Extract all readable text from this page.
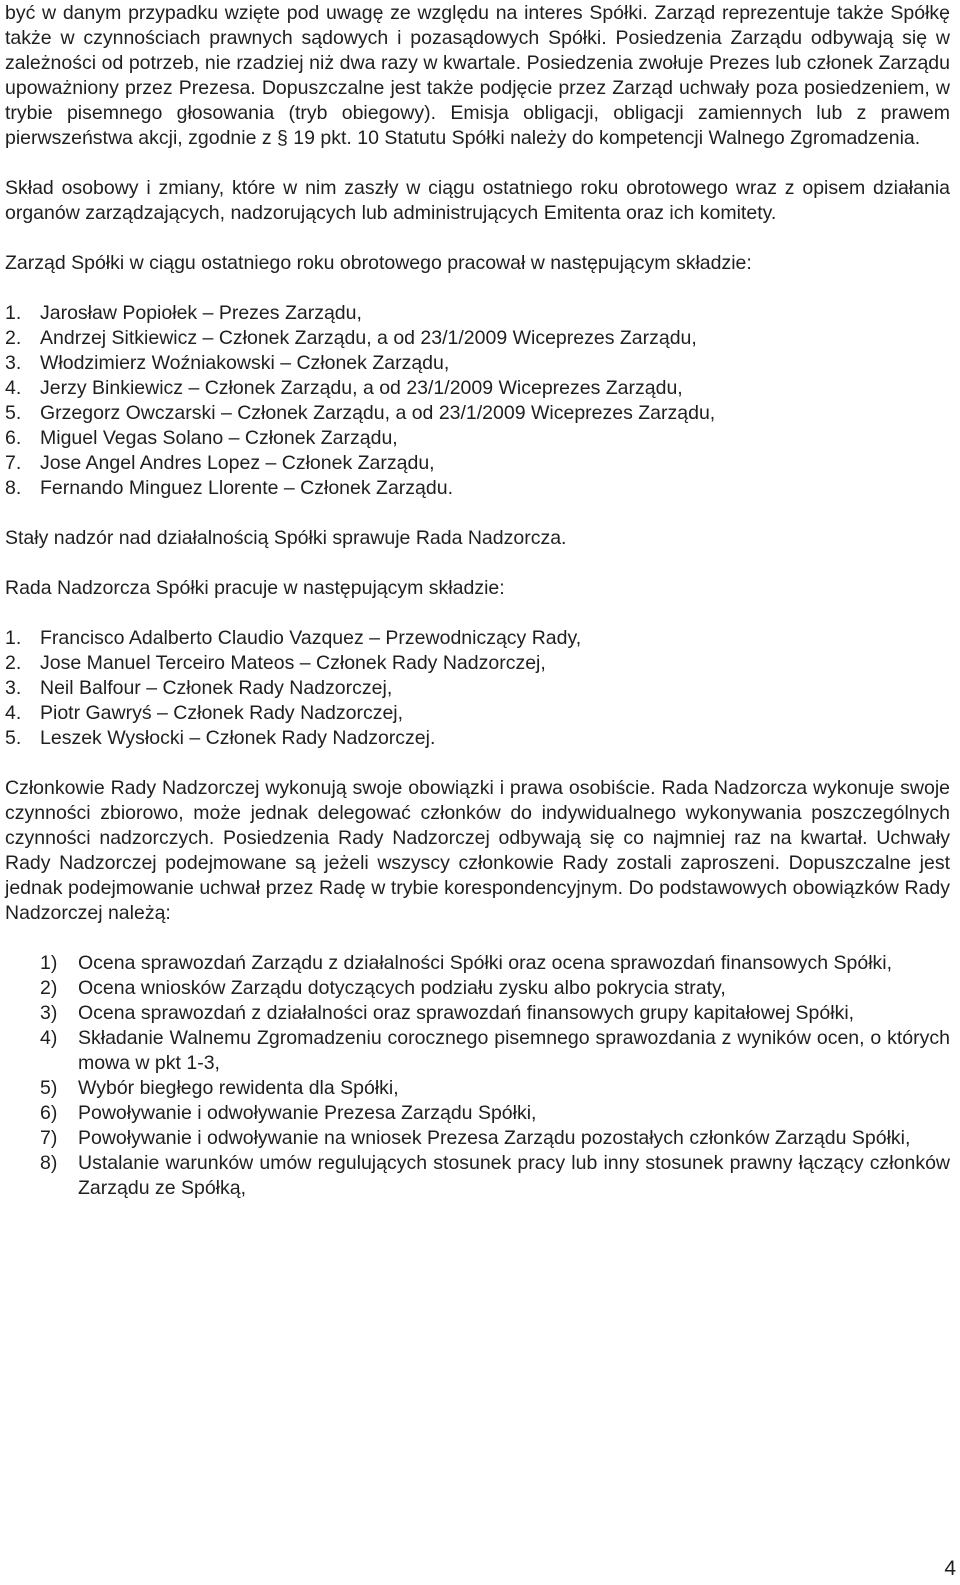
być w danym przypadku wzięte pod uwagę ze względu na interes Spółki. Zarząd reprezentuje także Spółkę także w czynnościach prawnych sądowych i pozasądowych Spółki. Posiedzenia Zarządu odbywają się w zależności od potrzeb, nie rzadziej niż dwa razy w kwartale. Posiedzenia zwołuje Prezes lub członek Zarządu upoważniony przez Prezesa. Dopuszczalne jest także podjęcie przez Zarząd uchwały poza posiedzeniem, w trybie pisemnego głosowania (tryb obiegowy). Emisja obligacji, obligacji zamiennych lub z prawem pierwszeństwa akcji, zgodnie z § 19 pkt. 10 Statutu Spółki należy do kompetencji Walnego Zgromadzenia.

Skład osobowy i zmiany, które w nim zaszły w ciągu ostatniego roku obrotowego wraz z opisem działania organów zarządzających, nadzorujących lub administrujących Emitenta oraz ich komitety.

Zarząd Spółki w ciągu ostatniego roku obrotowego pracował w następującym składzie:

1. Jarosław Popiołek – Prezes Zarządu,
2. Andrzej Sitkiewicz – Członek Zarządu, a od 23/1/2009 Wiceprezes Zarządu,
3. Włodzimierz Woźniakowski – Członek Zarządu,
4. Jerzy Binkiewicz – Członek Zarządu, a od 23/1/2009 Wiceprezes Zarządu,
5. Grzegorz Owczarski – Członek Zarządu, a od 23/1/2009 Wiceprezes Zarządu,
6. Miguel Vegas Solano – Członek Zarządu,
7. Jose Angel Andres Lopez – Członek Zarządu,
8. Fernando Minguez Llorente – Członek Zarządu.

Stały nadzór nad działalnością Spółki sprawuje Rada Nadzorcza.

Rada Nadzorcza Spółki pracuje w następującym składzie:

1. Francisco Adalberto Claudio Vazquez – Przewodniczący Rady,
2. Jose Manuel Terceiro Mateos – Członek Rady Nadzorczej,
3. Neil Balfour – Członek Rady Nadzorczej,
4. Piotr Gawryś – Członek Rady Nadzorczej,
5. Leszek Wysłocki – Członek Rady Nadzorczej.

Członkowie Rady Nadzorczej wykonują swoje obowiązki i prawa osobiście. Rada Nadzorcza wykonuje swoje czynności zbiorowo, może jednak delegować członków do indywidualnego wykonywania poszczególnych czynności nadzorczych. Posiedzenia Rady Nadzorczej odbywają się co najmniej raz na kwartał. Uchwały Rady Nadzorczej podejmowane są jeżeli wszyscy członkowie Rady zostali zaproszeni. Dopuszczalne jest jednak podejmowanie uchwał przez Radę w trybie korespondencyjnym. Do podstawowych obowiązków Rady Nadzorczej należą:

1) Ocena sprawozdań Zarządu z działalności Spółki oraz ocena sprawozdań finansowych Spółki,
2) Ocena wniosków Zarządu dotyczących podziału zysku albo pokrycia straty,
3) Ocena sprawozdań z działalności oraz sprawozdań finansowych grupy kapitałowej Spółki,
4) Składanie Walnemu Zgromadzeniu corocznego pisemnego sprawozdania z wyników ocen, o których mowa w pkt 1-3,
5) Wybór biegłego rewidenta dla Spółki,
6) Powoływanie i odwoływanie Prezesa Zarządu Spółki,
7) Powoływanie i odwoływanie na wniosek Prezesa Zarządu pozostałych członków Zarządu Spółki,
8) Ustalanie warunków umów regulujących stosunek pracy lub inny stosunek prawny łączący członków Zarządu ze Spółką,
4
